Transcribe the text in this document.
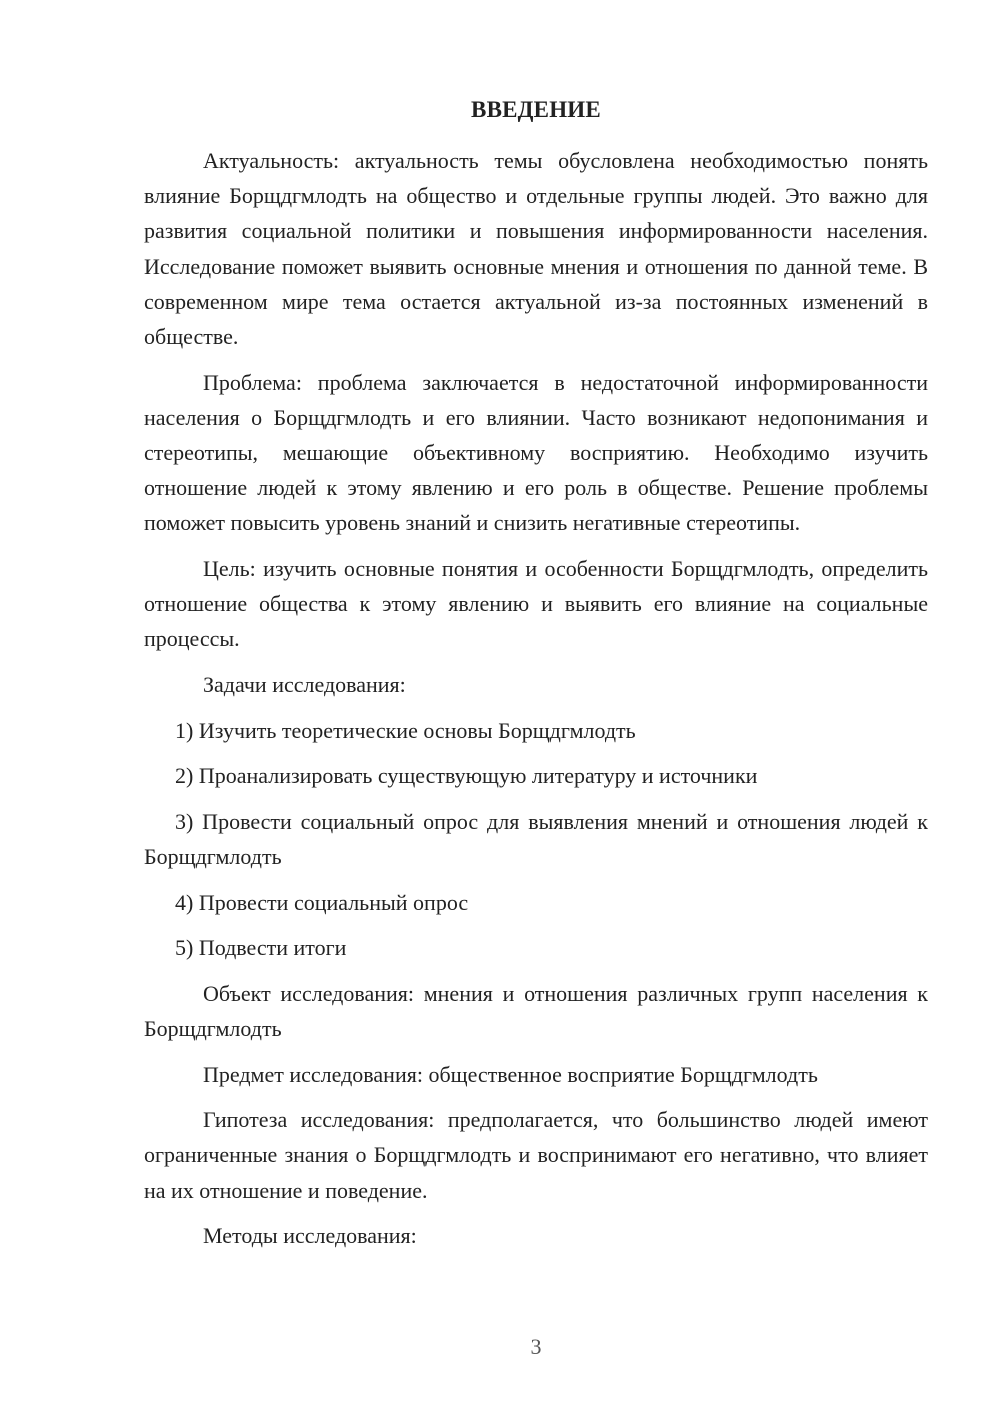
ВВЕДЕНИЕ

Актуальность: актуальность темы обусловлена необходимостью понять влияние Борщдгмлодть на общество и отдельные группы людей. Это важно для развития социальной политики и повышения информированности населения. Исследование поможет выявить основные мнения и отношения по данной теме. В современном мире тема остается актуальной из-за постоянных изменений в обществе.

Проблема: проблема заключается в недостаточной информированности населения о Борщдгмлодть и его влиянии. Часто возникают недопонимания и стереотипы, мешающие объективному восприятию. Необходимо изучить отношение людей к этому явлению и его роль в обществе. Решение проблемы поможет повысить уровень знаний и снизить негативные стереотипы.

Цель: изучить основные понятия и особенности Борщдгмлодть, определить отношение общества к этому явлению и выявить его влияние на социальные процессы.

Задачи исследования:

1) Изучить теоретические основы Борщдгмлодть

2) Проанализировать существующую литературу и источники

3) Провести социальный опрос для выявления мнений и отношения людей к Борщдгмлодть

4) Провести социальный опрос

5) Подвести итоги

Объект исследования: мнения и отношения различных групп населения к Борщдгмлодть

Предмет исследования: общественное восприятие Борщдгмлодть

Гипотеза исследования: предполагается, что большинство людей имеют ограниченные знания о Борщдгмлодть и воспринимают его негативно, что влияет на их отношение и поведение.

Методы исследования:

3
